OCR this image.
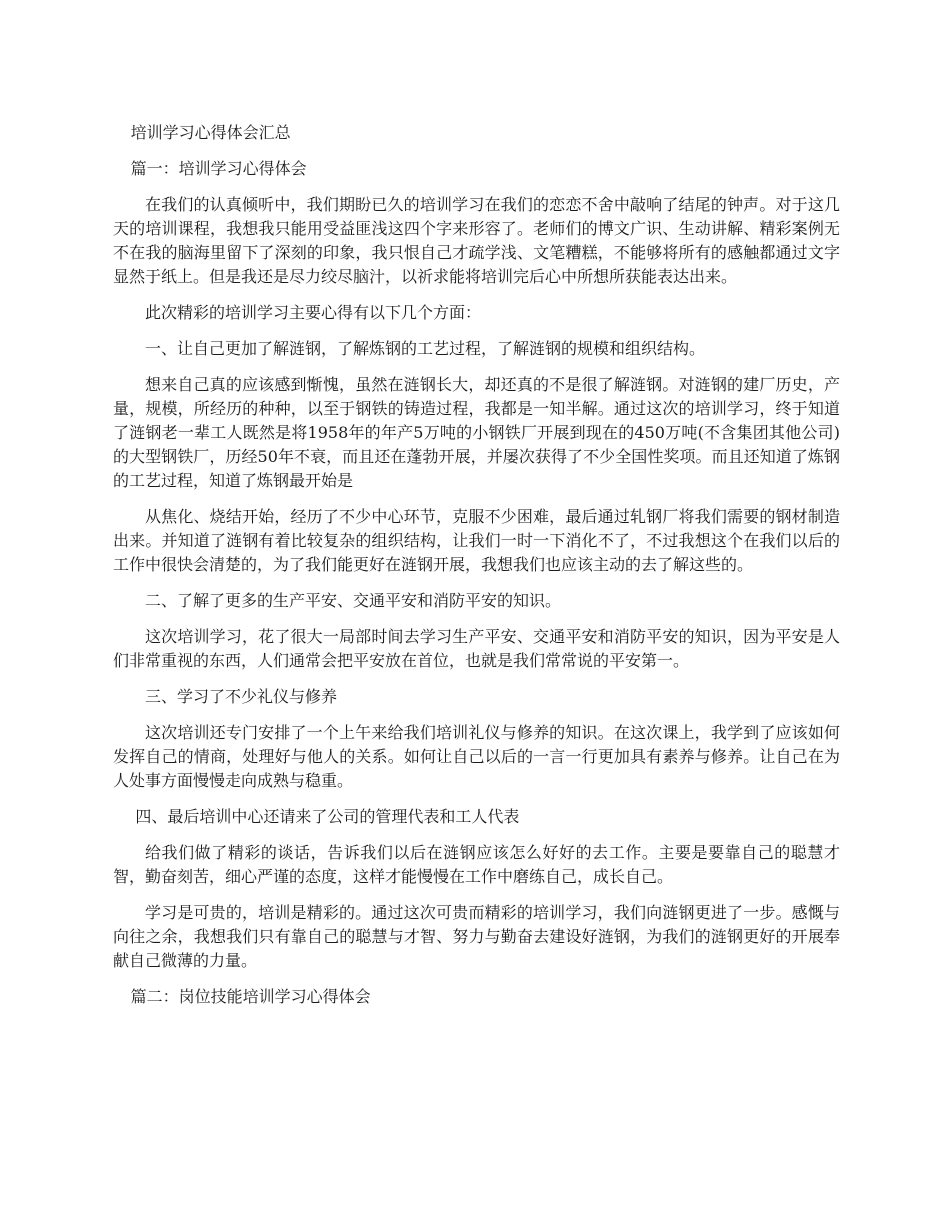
培训学习心得体会汇总

篇一：培训学习心得体会

在我们的认真倾听中，我们期盼已久的培训学习在我们的恋恋不舍中敲响了结尾的钟声。对于这几天的培训课程，我想我只能用受益匪浅这四个字来形容了。老师们的博文广识、生动讲解、精彩案例无不在我的脑海里留下了深刻的印象，我只恨自己才疏学浅、文笔糟糕，不能够将所有的感触都通过文字显然于纸上。但是我还是尽力绞尽脑汁，以祈求能将培训完后心中所想所获能表达出来。

此次精彩的培训学习主要心得有以下几个方面：

一、让自己更加了解涟钢，了解炼钢的工艺过程，了解涟钢的规模和组织结构。

想来自己真的应该感到惭愧，虽然在涟钢长大，却还真的不是很了解涟钢。对涟钢的建厂历史，产量，规模，所经历的种种，以至于钢铁的铸造过程，我都是一知半解。通过这次的培训学习，终于知道了涟钢老一辈工人既然是将1958年的年产5万吨的小钢铁厂开展到现在的450万吨(不含集团其他公司)的大型钢铁厂，历经50年不衰，而且还在蓬勃开展，并屡次获得了不少全国性奖项。而且还知道了炼钢的工艺过程，知道了炼钢最开始是

从焦化、烧结开始，经历了不少中心环节，克服不少困难，最后通过轧钢厂将我们需要的钢材制造出来。并知道了涟钢有着比较复杂的组织结构，让我们一时一下消化不了，不过我想这个在我们以后的工作中很快会清楚的，为了我们能更好在涟钢开展，我想我们也应该主动的去了解这些的。

二、了解了更多的生产平安、交通平安和消防平安的知识。

这次培训学习，花了很大一局部时间去学习生产平安、交通平安和消防平安的知识，因为平安是人们非常重视的东西，人们通常会把平安放在首位，也就是我们常常说的平安第一。

三、学习了不少礼仪与修养

这次培训还专门安排了一个上午来给我们培训礼仪与修养的知识。在这次课上，我学到了应该如何发挥自己的情商，处理好与他人的关系。如何让自己以后的一言一行更加具有素养与修养。让自己在为人处事方面慢慢走向成熟与稳重。

四、最后培训中心还请来了公司的管理代表和工人代表

给我们做了精彩的谈话，告诉我们以后在涟钢应该怎么好好的去工作。主要是要靠自己的聪慧才智，勤奋刻苦，细心严谨的态度，这样才能慢慢在工作中磨练自己，成长自己。

学习是可贵的，培训是精彩的。通过这次可贵而精彩的培训学习，我们向涟钢更进了一步。感慨与向往之余，我想我们只有靠自己的聪慧与才智、努力与勤奋去建设好涟钢，为我们的涟钢更好的开展奉献自己微薄的力量。

篇二：岗位技能培训学习心得体会
